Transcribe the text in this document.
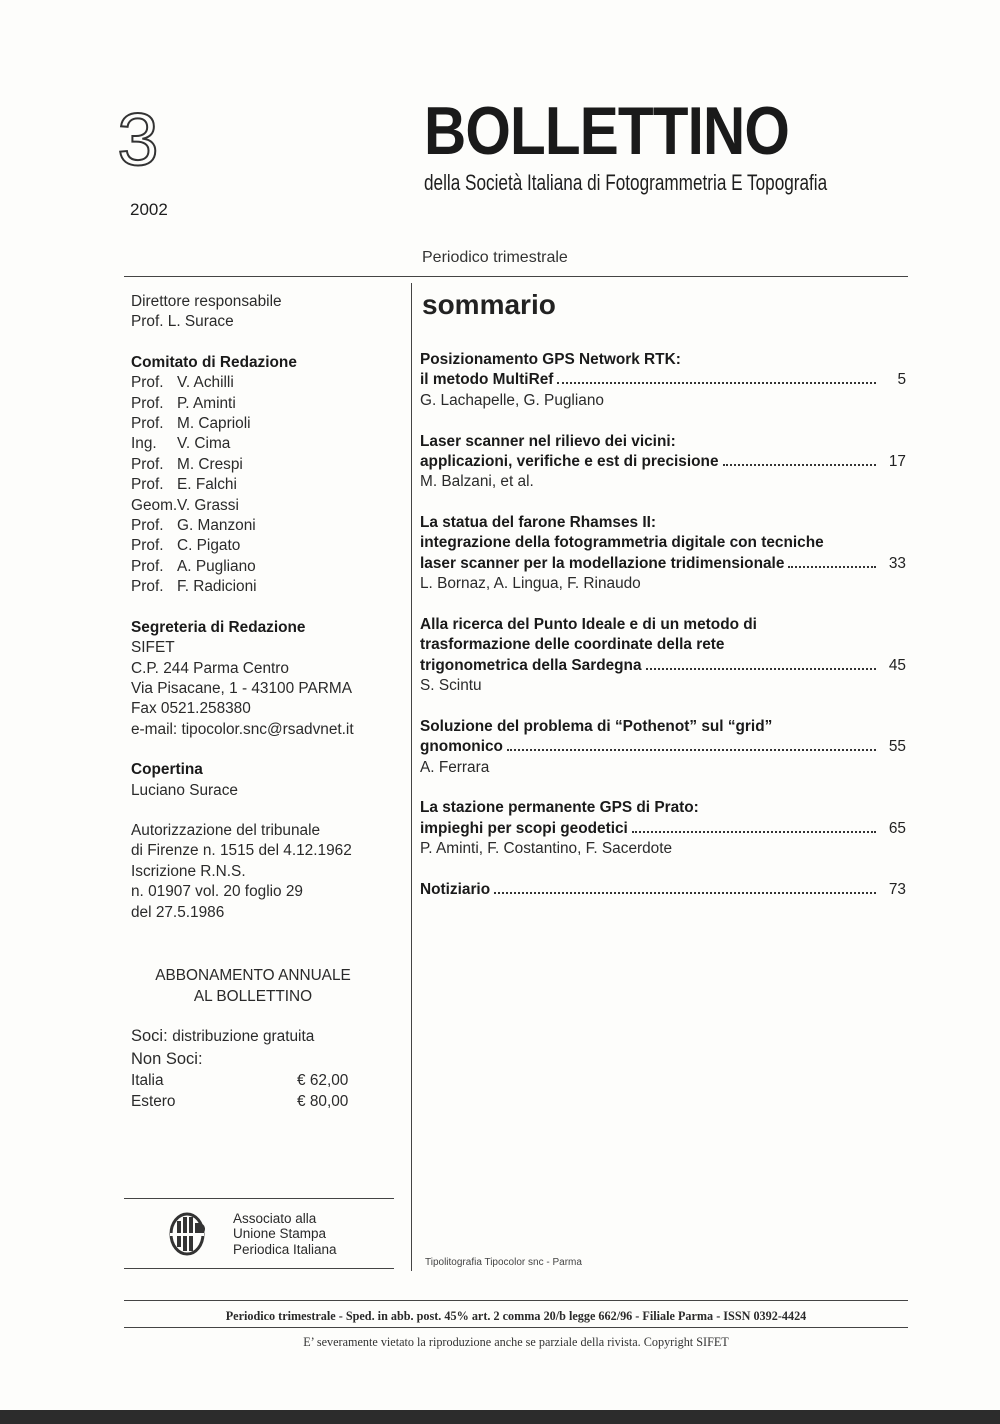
3
2002
BOLLETTINO
della Società Italiana di Fotogrammetria E Topografia
Periodico trimestrale
Direttore responsabile
Prof. L. Surace
Comitato di Redazione
Prof. V. Achilli
Prof. P. Aminti
Prof. M. Caprioli
Ing.	V. Cima
Prof. M. Crespi
Prof. E. Falchi
Geom. V. Grassi
Prof. G. Manzoni
Prof. C. Pigato
Prof. A. Pugliano
Prof. F. Radicioni
Segreteria di Redazione
SIFET
C.P. 244 Parma Centro
Via Pisacane, 1 - 43100 PARMA
Fax 0521.258380
e-mail: tipocolor.snc@rsadvnet.it
Copertina
Luciano Surace
Autorizzazione del tribunale
di Firenze n. 1515 del 4.12.1962
Iscrizione R.N.S.
n. 01907 vol. 20 foglio 29
del 27.5.1986
ABBONAMENTO ANNUALE
AL BOLLETTINO
Soci: distribuzione gratuita
Non Soci:
Italia	€ 62,00
Estero	€ 80,00
Associato alla
Unione Stampa
Periodica Italiana
sommario
Posizionamento GPS Network RTK:
il metodo MultiRef	5
G. Lachapelle, G. Pugliano
Laser scanner nel rilievo dei vicini:
applicazioni, verifiche e est di precisione	17
M. Balzani, et al.
La statua del farone Rhamses II:
integrazione della fotogrammetria digitale con tecniche
laser scanner per la modellazione tridimensionale	33
L. Bornaz, A. Lingua, F. Rinaudo
Alla ricerca del Punto Ideale e di un metodo di
trasformazione delle coordinate della rete
trigonometrica della Sardegna	45
S. Scintu
Soluzione del problema di “Pothenot” sul “grid”
gnomonico	55
A. Ferrara
La stazione permanente GPS di Prato:
impieghi per scopi geodetici	65
P. Aminti, F. Costantino, F. Sacerdote
Notiziario	73
Tipolitografia Tipocolor snc - Parma
Periodico trimestrale - Sped. in abb. post. 45% art. 2 comma 20/b legge 662/96 - Filiale Parma - ISSN 0392-4424
E’ severamente vietato la riproduzione anche se parziale della rivista. Copyright SIFET
